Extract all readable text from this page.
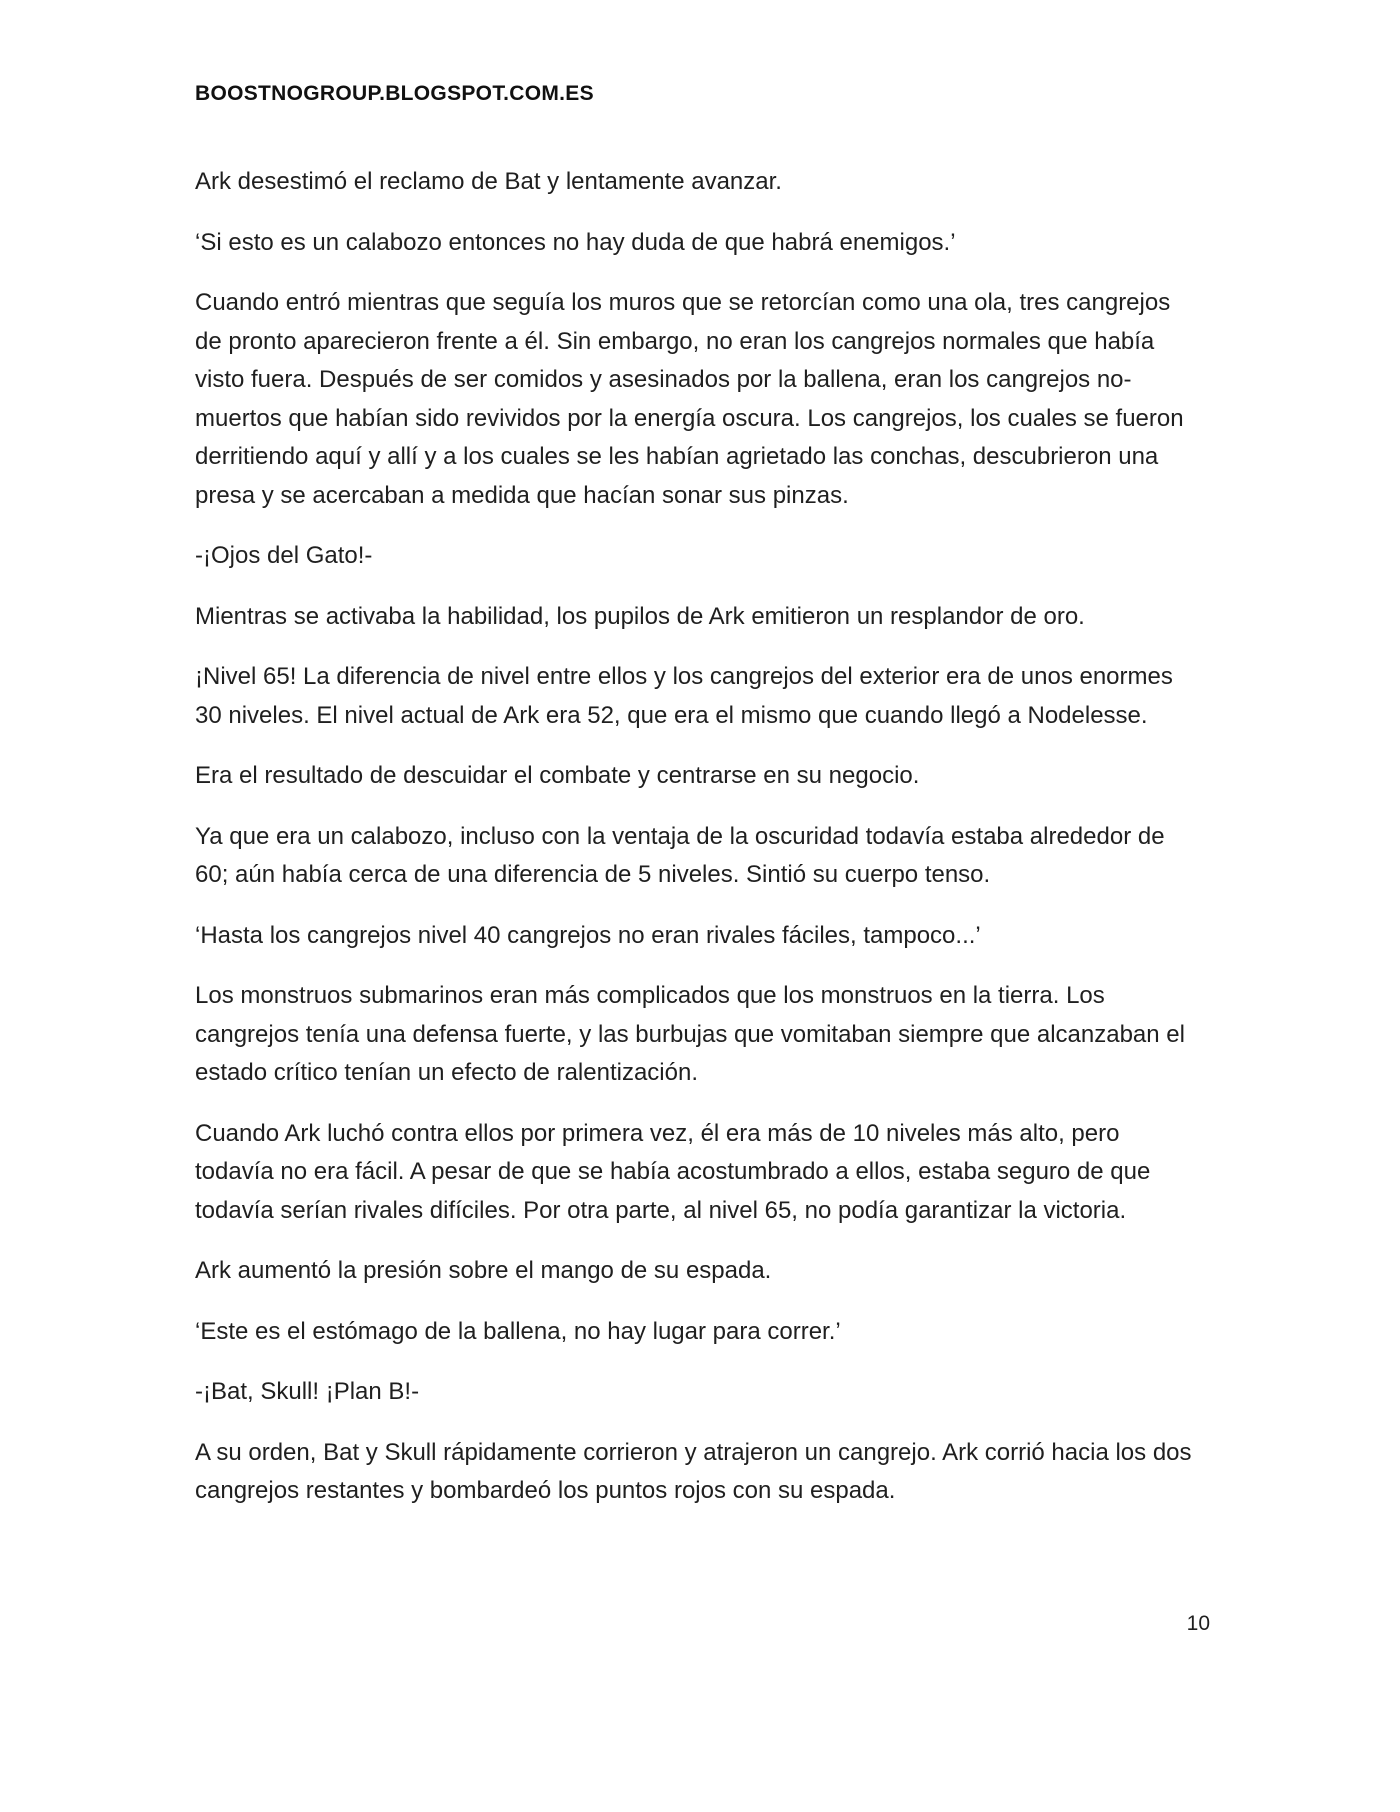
BOOSTNOGROUP.BLOGSPOT.COM.ES

Ark desestimó el reclamo de Bat y lentamente avanzar.

‘Si esto es un calabozo entonces no hay duda de que habrá enemigos.’

Cuando entró mientras que seguía los muros que se retorcían como una ola, tres cangrejos de pronto aparecieron frente a él. Sin embargo, no eran los cangrejos normales que había visto fuera. Después de ser comidos y asesinados por la ballena, eran los cangrejos no-muertos que habían sido revividos por la energía oscura. Los cangrejos, los cuales se fueron derritiendo aquí y allí y a los cuales se les habían agrietado las conchas, descubrieron una presa y se acercaban a medida que hacían sonar sus pinzas.

-¡Ojos del Gato!-

Mientras se activaba la habilidad, los pupilos de Ark emitieron un resplandor de oro.

¡Nivel 65! La diferencia de nivel entre ellos y los cangrejos del exterior era de unos enormes 30 niveles. El nivel actual de Ark era 52, que era el mismo que cuando llegó a Nodelesse.

Era el resultado de descuidar el combate y centrarse en su negocio.

Ya que era un calabozo, incluso con la ventaja de la oscuridad todavía estaba alrededor de 60; aún había cerca de una diferencia de 5 niveles. Sintió su cuerpo tenso.

‘Hasta los cangrejos nivel 40 cangrejos no eran rivales fáciles, tampoco...’

Los monstruos submarinos eran más complicados que los monstruos en la tierra. Los cangrejos tenía una defensa fuerte, y las burbujas que vomitaban siempre que alcanzaban el estado crítico tenían un efecto de ralentización.

Cuando Ark luchó contra ellos por primera vez, él era más de 10 niveles más alto, pero todavía no era fácil. A pesar de que se había acostumbrado a ellos, estaba seguro de que todavía serían rivales difíciles. Por otra parte, al nivel 65, no podía garantizar la victoria.

Ark aumentó la presión sobre el mango de su espada.

‘Este es el estómago de la ballena, no hay lugar para correr.’

-¡Bat, Skull! ¡Plan B!-

A su orden, Bat y Skull rápidamente corrieron y atrajeron un cangrejo. Ark corrió hacia los dos cangrejos restantes y bombardeó los puntos rojos con su espada.

10
